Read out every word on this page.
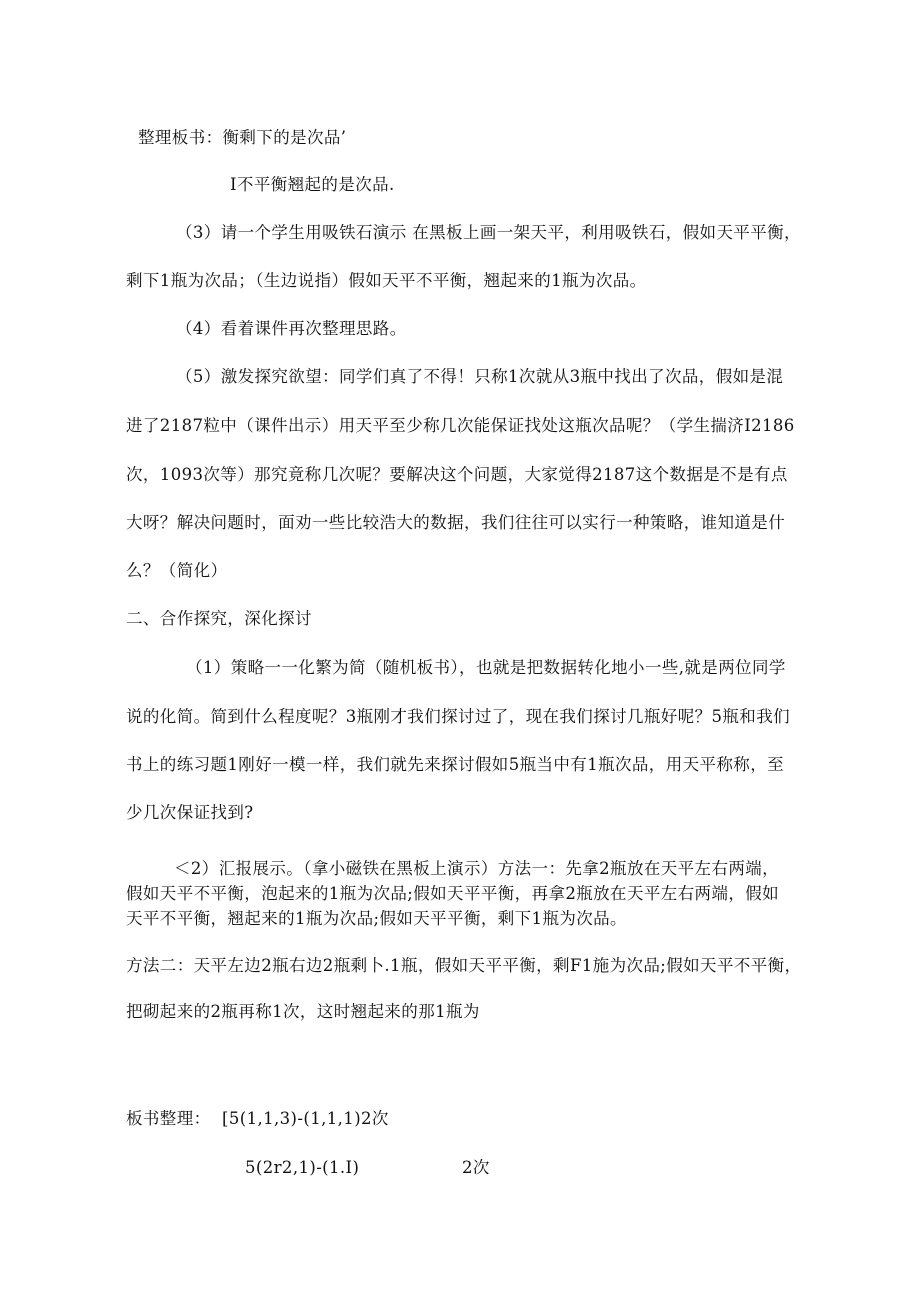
整理板书：衡剩下的是次品’
I不平衡翘起的是次品.
（3）请一个学生用吸铁石演示 在黑板上画一架天平，利用吸铁石，假如天平平衡，
剩下1瓶为次品；（生边说指）假如天平不平衡，翘起来的1瓶为次品。
（4）看着课件再次整理思路。
（5）激发探究欲望：同学们真了不得！只称1次就从3瓶中找出了次品，假如是混
进了2187粒中（课件出示）用天平至少称几次能保证找处这瓶次品呢？（学生揣济I2186
次，1093次等）那究竟称几次呢？要解决这个问题，大家觉得2187这个数据是不是有点
大呀？解决问题时，面劝一些比较浩大的数据，我们往往可以实行一种策略，谁知道是什
么？（简化）
二、合作探究，深化探讨
（1）策略一一化繁为简（随机板书），也就是把数据转化地小一些,就是两位同学
说的化简。简到什么程度呢？3瓶刚才我们探讨过了，现在我们探讨几瓶好呢？5瓶和我们
书上的练习题1刚好一模一样，我们就先来探讨假如5瓶当中有1瓶次品，用天平称称，至
少几次保证找到?
＜2）汇报展示。（拿小磁铁在黑板上演示）方法一：先拿2瓶放在天平左右两端，
假如天平不平衡，泡起来的1瓶为次品;假如天平平衡，再拿2瓶放在天平左右两端，假如
天平不平衡，翘起来的1瓶为次品;假如天平平衡，剩下1瓶为次品。
方法二：天平左边2瓶右边2瓶剩卜.1瓶，假如天平平衡，剩F1施为次品;假如天平不平衡，
把砌起来的2瓶再称1次，这时翘起来的那1瓶为
板书整理： [5(1,1,3)-(1,1,1)2次
5(2r2,1)-(1.I)	2次
